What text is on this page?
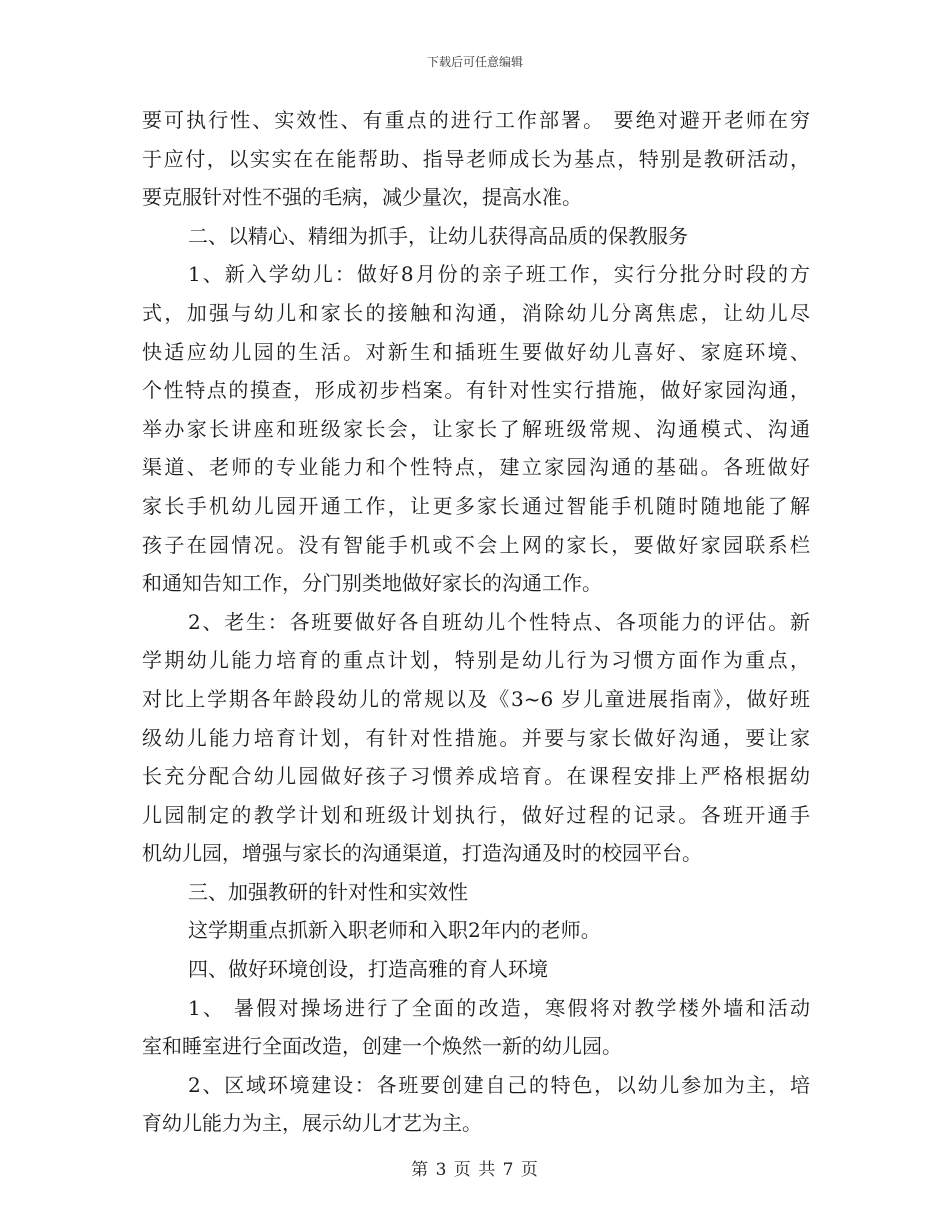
下载后可任意编辑
要可执行性、实效性、有重点的进行工作部署。 要绝对避开老师在穷
于应付，以实实在在能帮助、指导老师成长为基点，特别是教研活动，
要克服针对性不强的毛病，减少量次，提高水准。
二、以精心、精细为抓手，让幼儿获得高品质的保教服务
1、新入学幼儿：做好8月份的亲子班工作，实行分批分时段的方
式，加强与幼儿和家长的接触和沟通，消除幼儿分离焦虑，让幼儿尽
快适应幼儿园的生活。对新生和插班生要做好幼儿喜好、家庭环境、
个性特点的摸查，形成初步档案。有针对性实行措施，做好家园沟通，
举办家长讲座和班级家长会，让家长了解班级常规、沟通模式、沟通
渠道、老师的专业能力和个性特点，建立家园沟通的基础。各班做好
家长手机幼儿园开通工作，让更多家长通过智能手机随时随地能了解
孩子在园情况。没有智能手机或不会上网的家长，要做好家园联系栏
和通知告知工作，分门别类地做好家长的沟通工作。
2、老生：各班要做好各自班幼儿个性特点、各项能力的评估。新
学期幼儿能力培育的重点计划，特别是幼儿行为习惯方面作为重点，
对比上学期各年龄段幼儿的常规以及《3~6 岁儿童进展指南》，做好班
级幼儿能力培育计划，有针对性措施。并要与家长做好沟通，要让家
长充分配合幼儿园做好孩子习惯养成培育。在课程安排上严格根据幼
儿园制定的教学计划和班级计划执行，做好过程的记录。各班开通手
机幼儿园，增强与家长的沟通渠道，打造沟通及时的校园平台。
三、加强教研的针对性和实效性
这学期重点抓新入职老师和入职2年内的老师。
四、做好环境创设，打造高雅的育人环境
1、 暑假对操场进行了全面的改造，寒假将对教学楼外墙和活动
室和睡室进行全面改造，创建一个焕然一新的幼儿园。
2、区域环境建设：各班要创建自己的特色，以幼儿参加为主，培
育幼儿能力为主，展示幼儿才艺为主。
第 3 页 共 7 页
